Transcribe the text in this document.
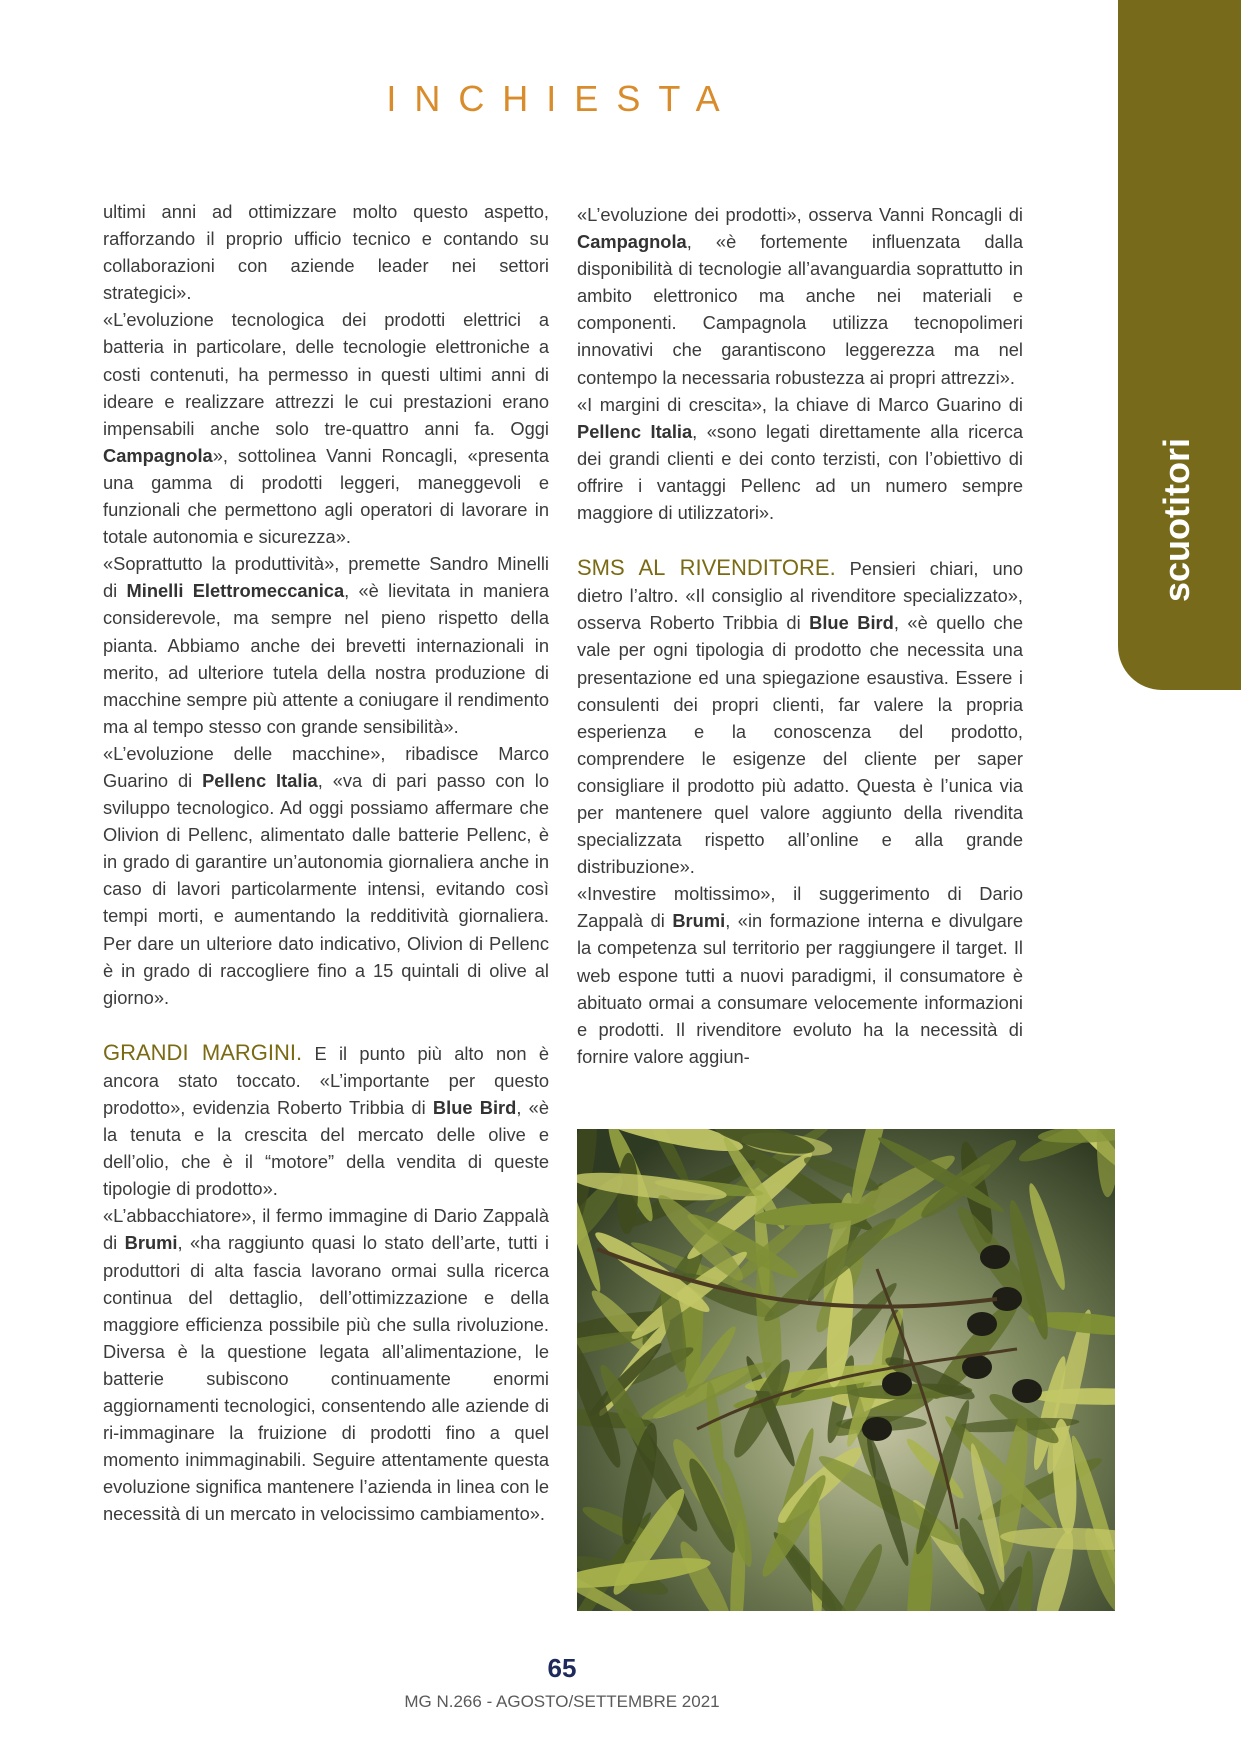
INCHIESTA
scuotitori

ultimi anni ad ottimizzare molto questo aspetto, rafforzando il proprio ufficio tecnico e contando su collaborazioni con aziende leader nei settori strategici».

«L’evoluzione tecnologica dei prodotti elettrici a batteria in particolare, delle tecnologie elettroniche a costi contenuti, ha permesso in questi ultimi anni di ideare e realizzare attrezzi le cui prestazioni erano impensabili anche solo tre-quattro anni fa. Oggi Campagnola», sottolinea Vanni Roncagli, «presenta una gamma di prodotti leggeri, maneggevoli e funzionali che permettono agli operatori di lavorare in totale autonomia e sicurezza».

«Soprattutto la produttività», premette Sandro Minelli di Minelli Elettromeccanica, «è lievitata in maniera considerevole, ma sempre nel pieno rispetto della pianta. Abbiamo anche dei brevetti internazionali in merito, ad ulteriore tutela della nostra produzione di macchine sempre più attente a coniugare il rendimento ma al tempo stesso con grande sensibilità».

«L’evoluzione delle macchine», ribadisce Marco Guarino di Pellenc Italia, «va di pari passo con lo sviluppo tecnologico. Ad oggi possiamo affermare che Olivion di Pellenc, alimentato dalle batterie Pellenc, è in grado di garantire un’autonomia giornaliera anche in caso di lavori particolarmente intensi, evitando così tempi morti, e aumentando la redditività giornaliera. Per dare un ulteriore dato indicativo, Olivion di Pellenc è in grado di raccogliere fino a 15 quintali di olive al giorno».

GRANDI MARGINI. E il punto più alto non è ancora stato toccato. «L’importante per questo prodotto», evidenzia Roberto Tribbia di Blue Bird, «è la tenuta e la crescita del mercato delle olive e dell’olio, che è il “motore” della vendita di queste tipologie di prodotto».

«L’abbacchiatore», il fermo immagine di Dario Zappalà di Brumi, «ha raggiunto quasi lo stato dell’arte, tutti i produttori di alta fascia lavorano ormai sulla ricerca continua del dettaglio, dell’ottimizzazione e della maggiore efficienza possibile più che sulla rivoluzione. Diversa è la questione legata all’alimentazione, le batterie subiscono continuamente enormi aggiornamenti tecnologici, consentendo alle aziende di ri-immaginare la fruizione di prodotti fino a quel momento inimmaginabili. Seguire attentamente questa evoluzione significa mantenere l’azienda in linea con le necessità di un mercato in velocissimo cambiamento».

«L’evoluzione dei prodotti», osserva Vanni Roncagli di Campagnola, «è fortemente influenzata dalla disponibilità di tecnologie all’avanguardia soprattutto in ambito elettronico ma anche nei materiali e componenti. Campagnola utilizza tecnopolimeri innovativi che garantiscono leggerezza ma nel contempo la necessaria robustezza ai propri attrezzi».

«I margini di crescita», la chiave di Marco Guarino di Pellenc Italia, «sono legati direttamente alla ricerca dei grandi clienti e dei conto terzisti, con l’obiettivo di offrire i vantaggi Pellenc ad un numero sempre maggiore di utilizzatori».

SMS AL RIVENDITORE. Pensieri chiari, uno dietro l’altro. «Il consiglio al rivenditore specializzato», osserva Roberto Tribbia di Blue Bird, «è quello che vale per ogni tipologia di prodotto che necessita una presentazione ed una spiegazione esaustiva. Essere i consulenti dei propri clienti, far valere la propria esperienza e la conoscenza del prodotto, comprendere le esigenze del cliente per saper consigliare il prodotto più adatto. Questa è l’unica via per mantenere quel valore aggiunto della rivendita specializzata rispetto all’online e alla grande distribuzione».

«Investire moltissimo», il suggerimento di Dario Zappalà di Brumi, «in formazione interna e divulgare la competenza sul territorio per raggiungere il target. Il web espone tutti a nuovi paradigmi, il consumatore è abituato ormai a consumare velocemente informazioni e prodotti. Il rivenditore evoluto ha la necessità di fornire valore aggiun-

65
MG N.266 - AGOSTO/SETTEMBRE 2021
